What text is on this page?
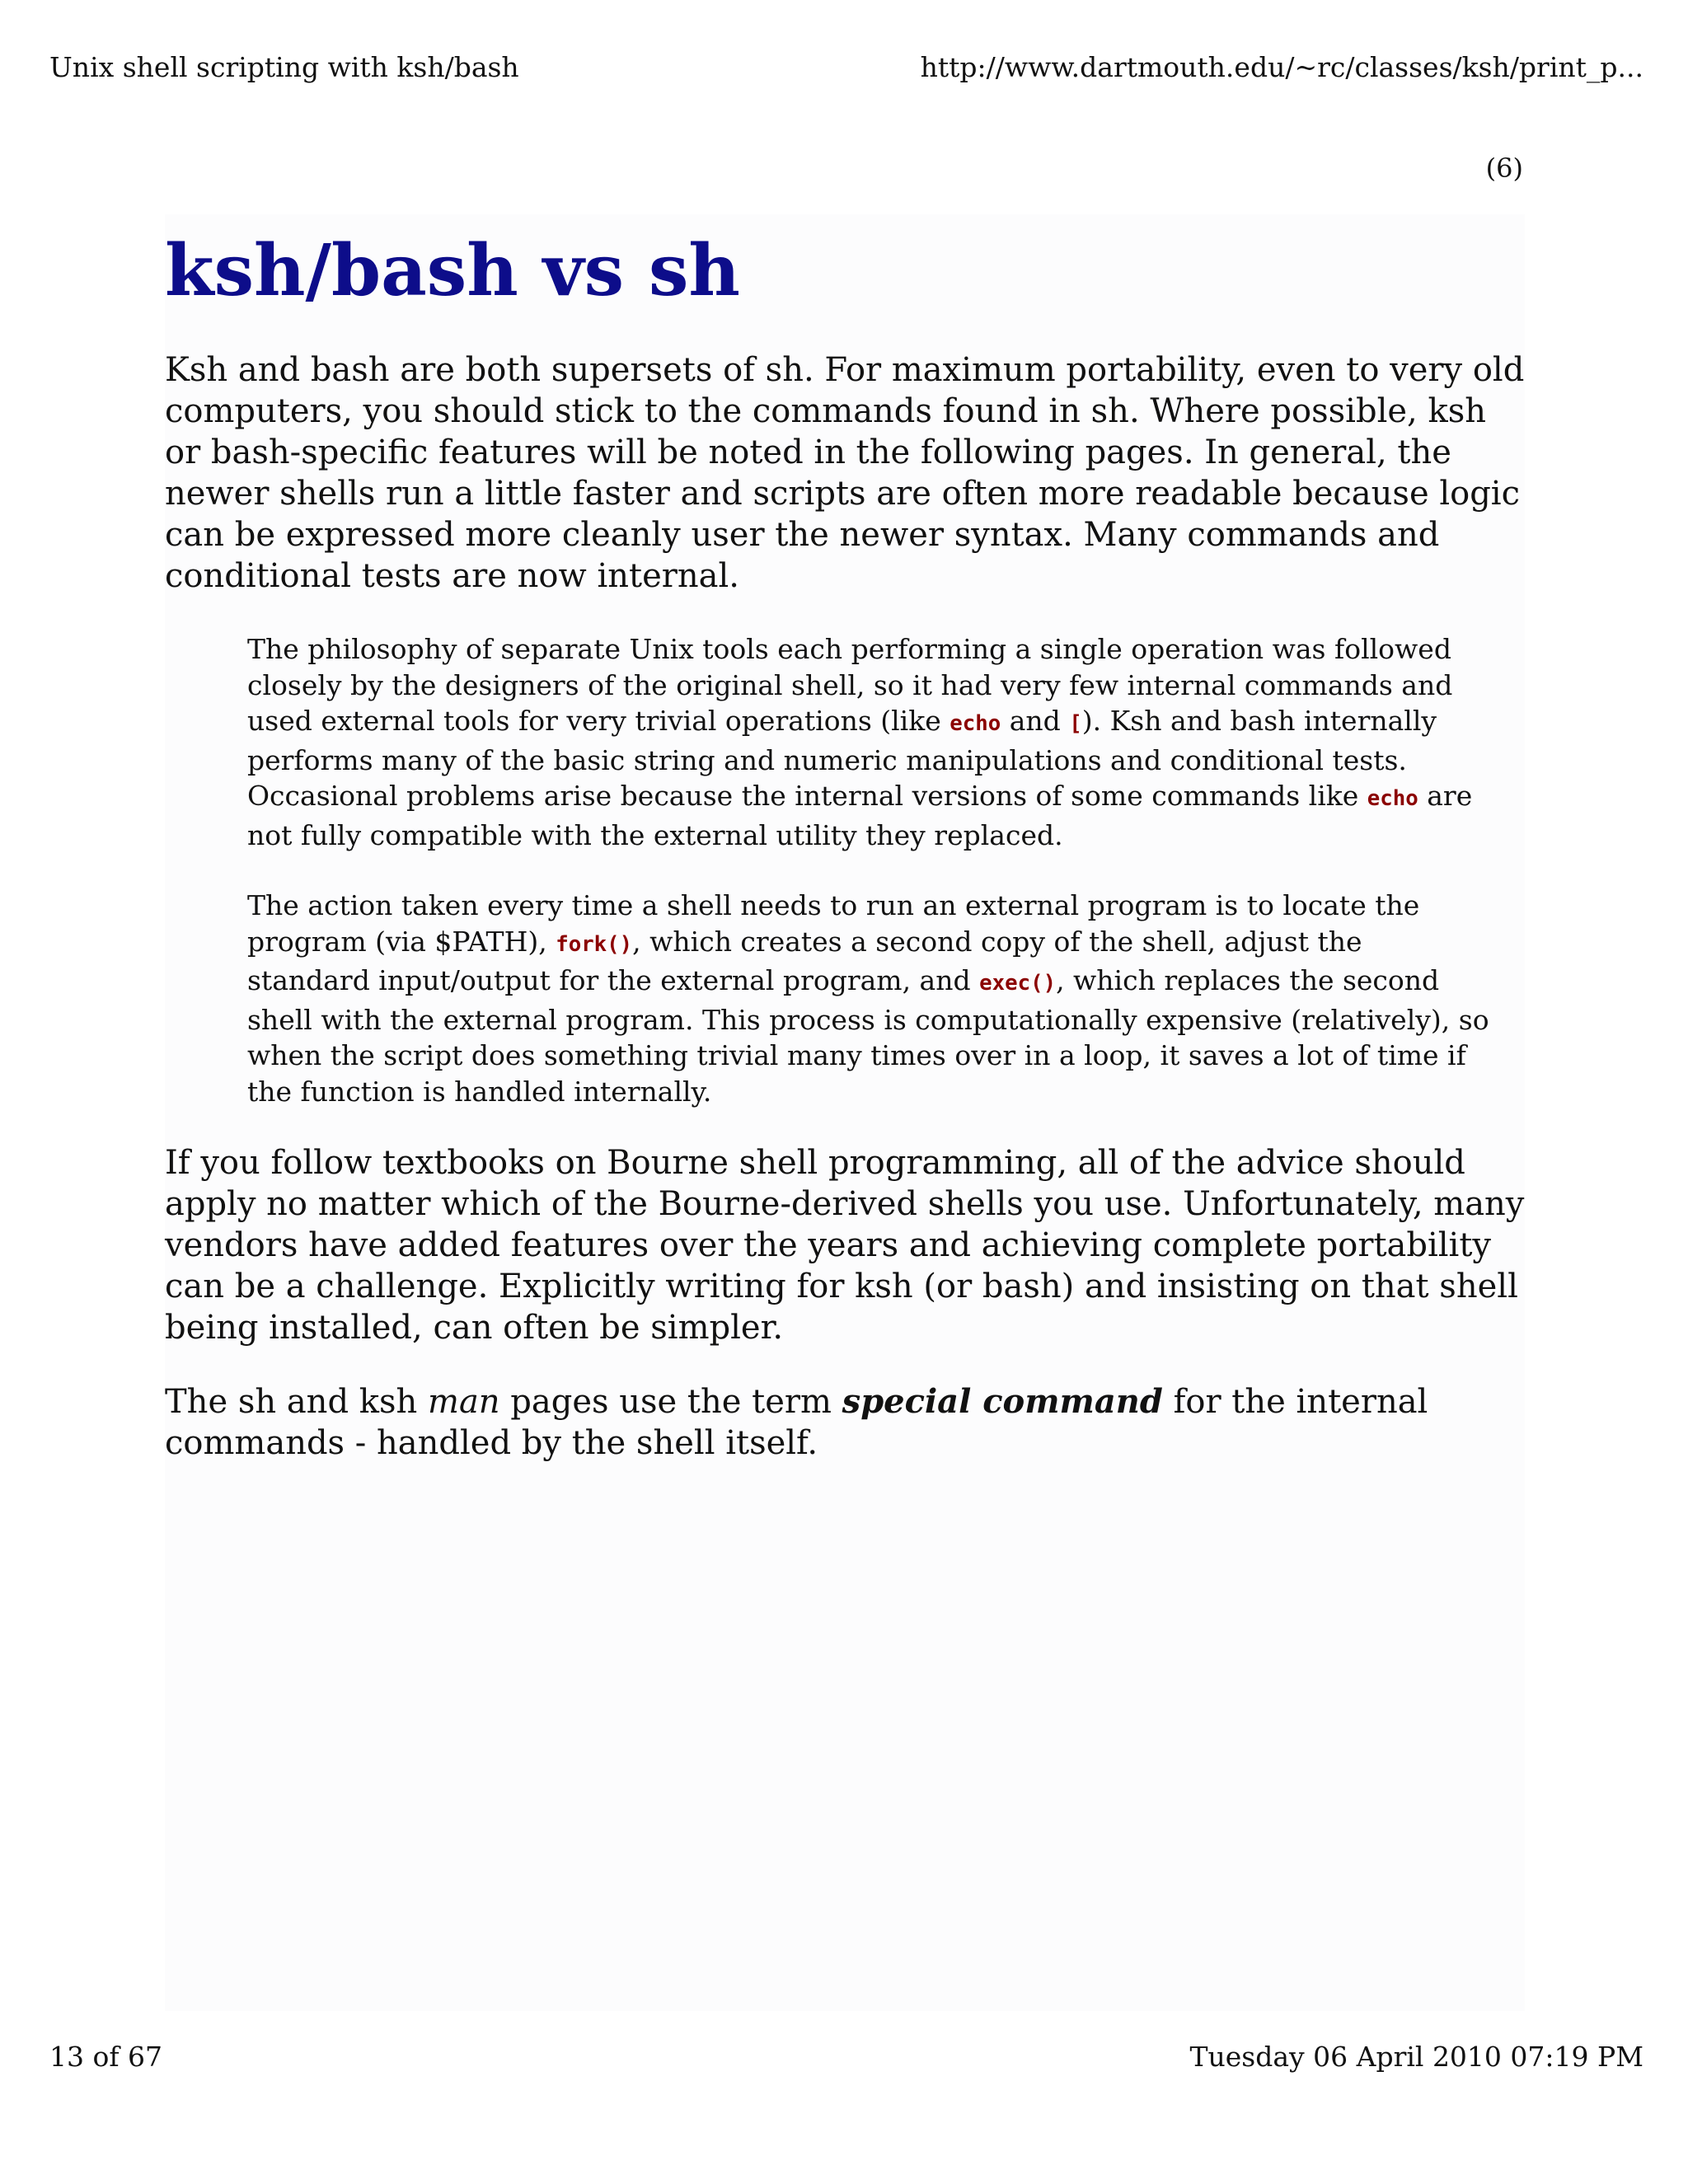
Unix shell scripting with ksh/bash	http://www.dartmouth.edu/~rc/classes/ksh/print_p...
(6)
ksh/bash vs sh

Ksh and bash are both supersets of sh. For maximum portability, even to very old computers, you should stick to the commands found in sh. Where possible, ksh or bash-specific features will be noted in the following pages. In general, the newer shells run a little faster and scripts are often more readable because logic can be expressed more cleanly user the newer syntax. Many commands and conditional tests are now internal.

The philosophy of separate Unix tools each performing a single operation was followed closely by the designers of the original shell, so it had very few internal commands and used external tools for very trivial operations (like echo and [). Ksh and bash internally performs many of the basic string and numeric manipulations and conditional tests. Occasional problems arise because the internal versions of some commands like echo are not fully compatible with the external utility they replaced.

The action taken every time a shell needs to run an external program is to locate the program (via $PATH), fork(), which creates a second copy of the shell, adjust the standard input/output for the external program, and exec(), which replaces the second shell with the external program. This process is computationally expensive (relatively), so when the script does something trivial many times over in a loop, it saves a lot of time if the function is handled internally.

If you follow textbooks on Bourne shell programming, all of the advice should apply no matter which of the Bourne-derived shells you use. Unfortunately, many vendors have added features over the years and achieving complete portability can be a challenge. Explicitly writing for ksh (or bash) and insisting on that shell being installed, can often be simpler.

The sh and ksh man pages use the term special command for the internal commands - handled by the shell itself.

13 of 67	Tuesday 06 April 2010 07:19 PM
